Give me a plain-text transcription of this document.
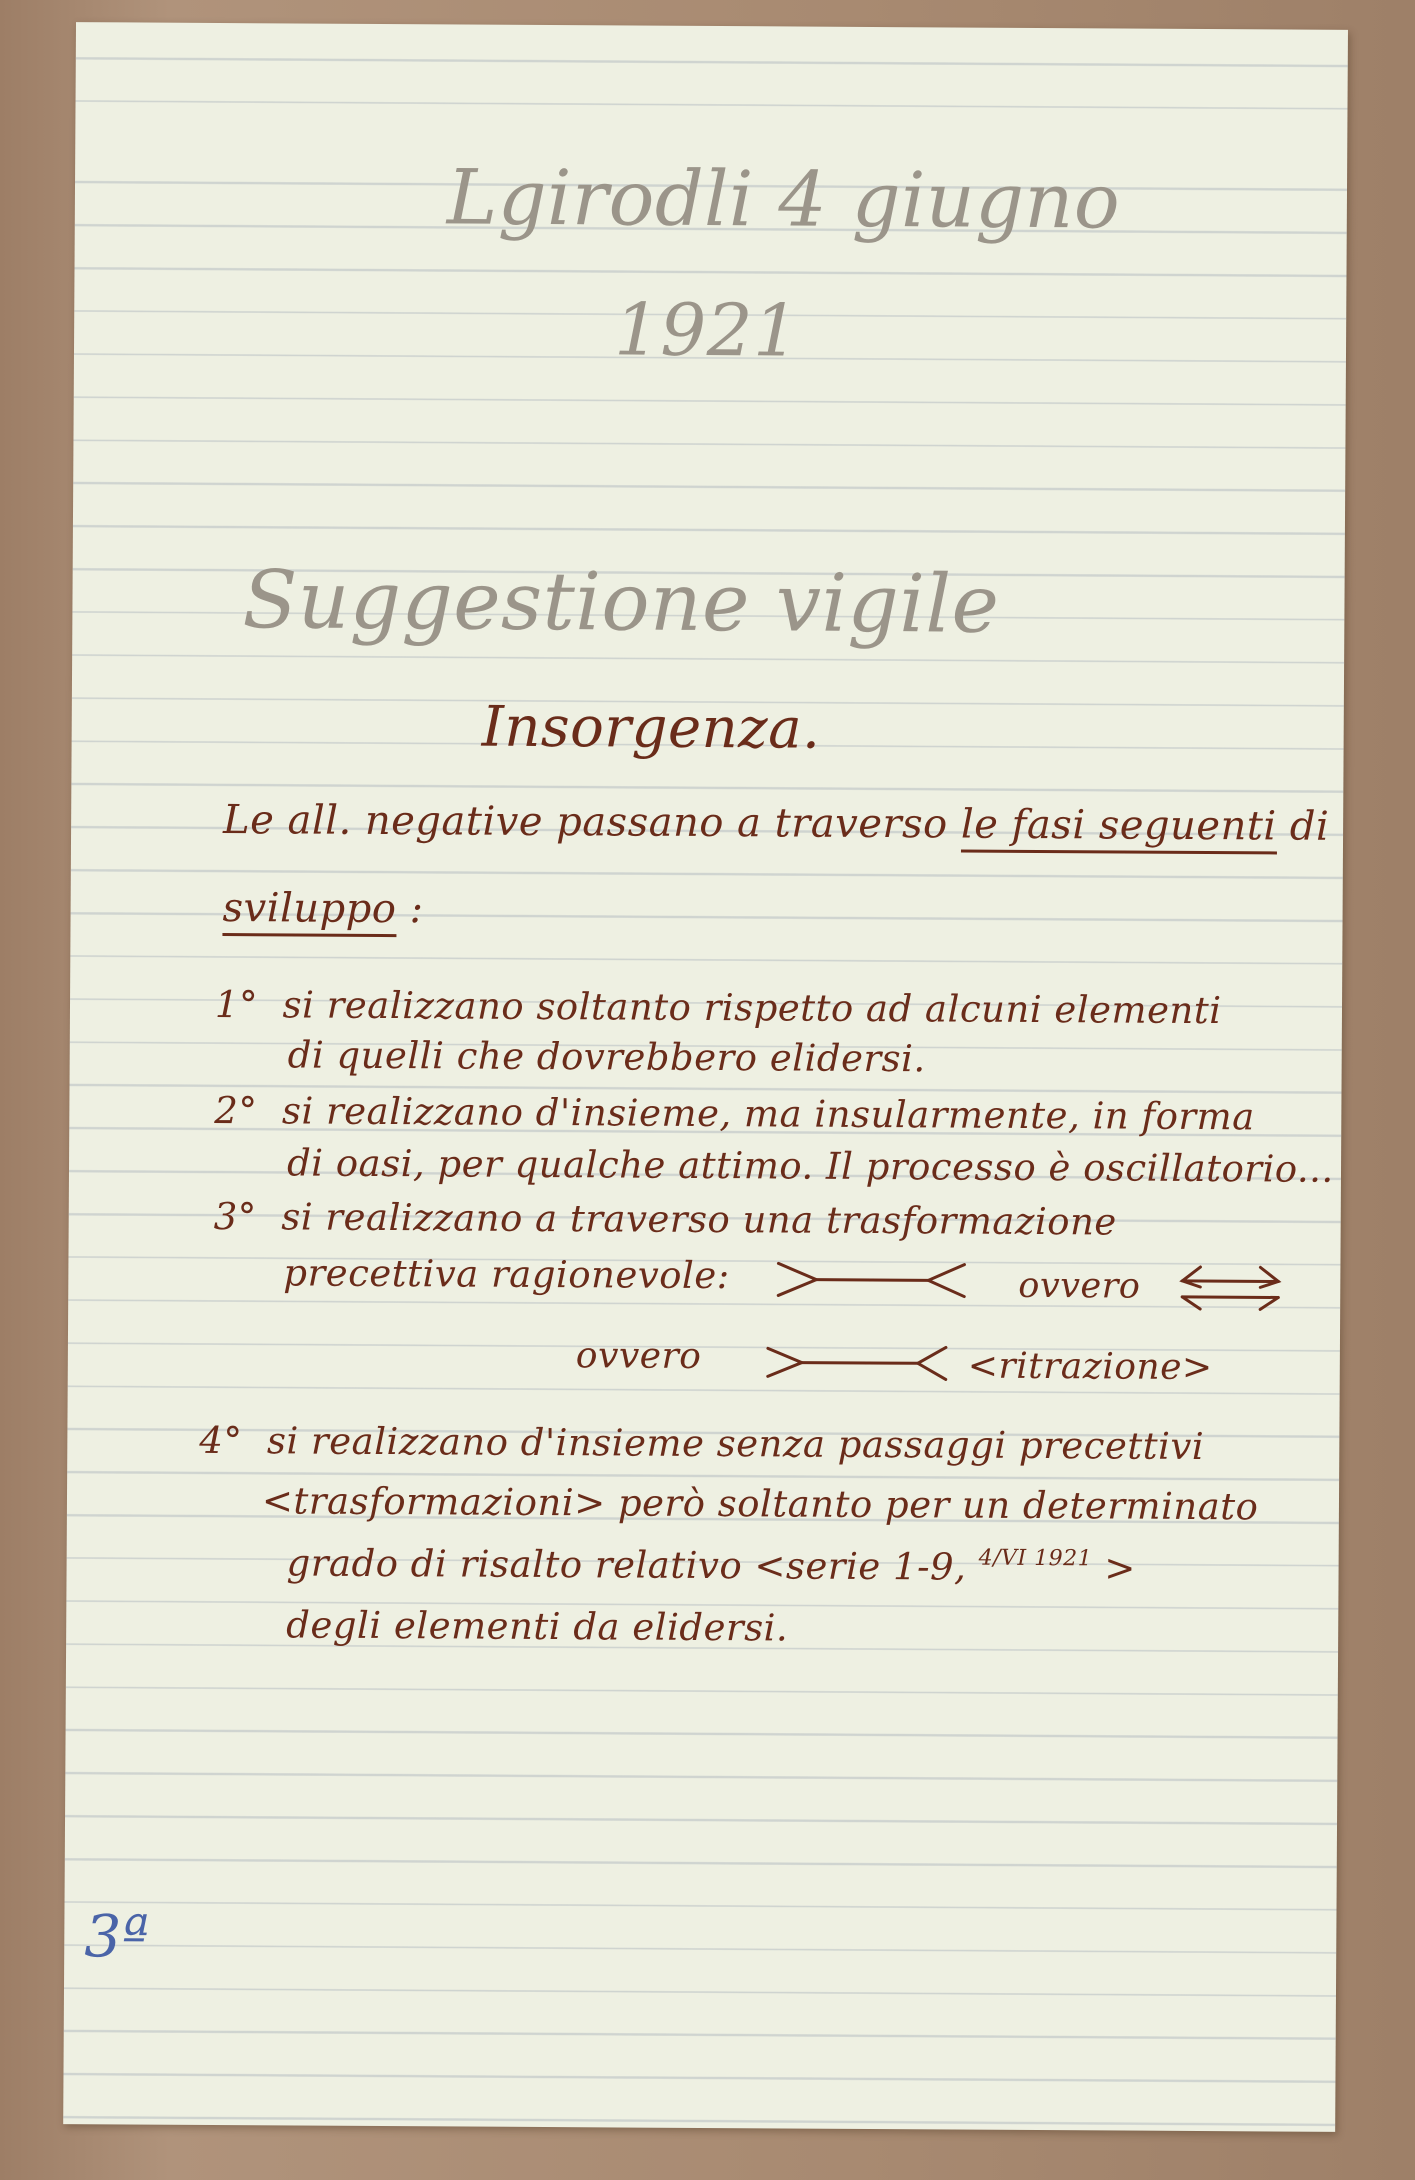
Lgirodli 4 giugno
1921
Suggestione vigile
Insorgenza.
Le all. negative passano a traverso le fasi seguenti di
sviluppo :
1° si realizzano soltanto rispetto ad alcuni elementi
di quelli che dovrebbero elidersi.
2° si realizzano d'insieme, ma insularmente, in forma
di oasi, per qualche attimo. Il processo è oscillatorio...
3° si realizzano a traverso una trasformazione
precettiva ragionevole:	ovvero
ovvero	<ritrazione>
4° si realizzano d'insieme senza passaggi precettivi
<trasformazioni> però soltanto per un determinato
grado di risalto relativo <serie 1-9, $^{4/VI 1921}$ >
degli elementi da elidersi.
3ª
